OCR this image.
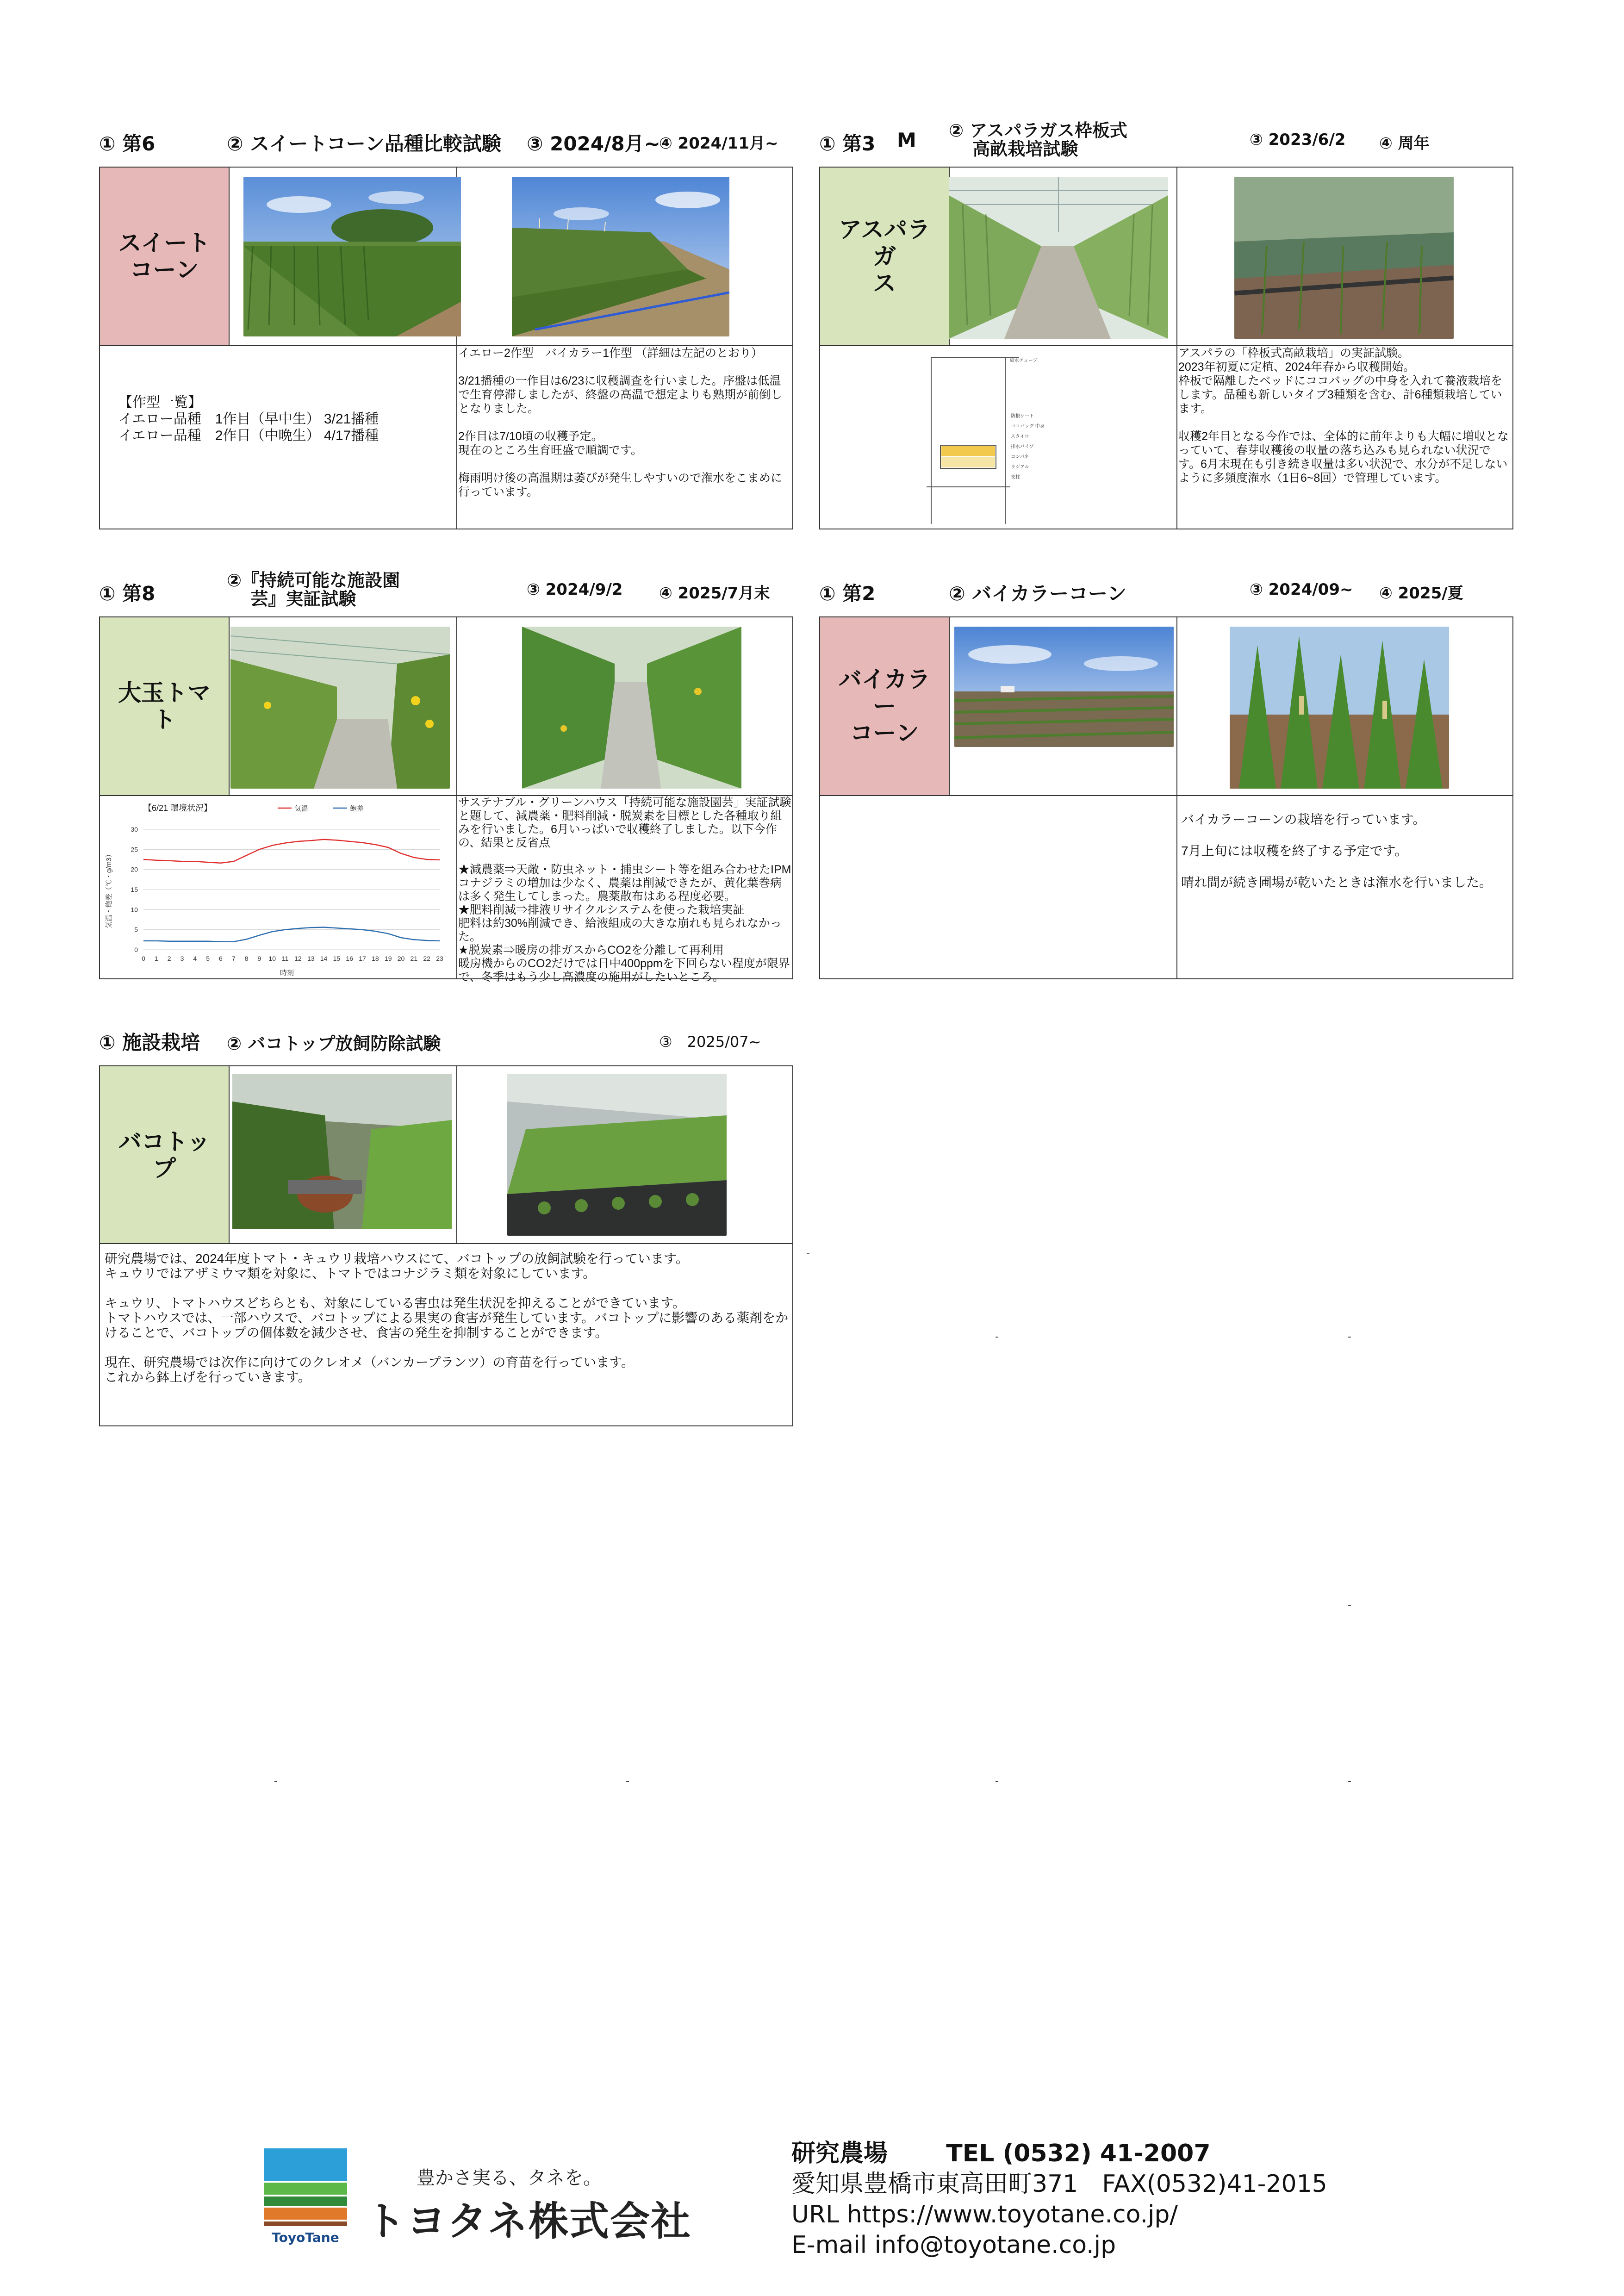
① 第6	② スイートコーン品種比較試験 ③ 2024/8月~
④ 2024/11月~
スイート
コーン
【作型一覧】
イエロー品種　1作目（早中生） 3/21播種
イエロー品種　2作目（中晩生） 4/17播種
イエロー2作型　バイカラー1作型 （詳細は左記のとおり）

3/21播種の一作目は6/23に収穫調査を行いました。序盤は低温で生育停滞しましたが、終盤の高温で想定よりも熟期が前倒しとなりました。

2作目は7/10頃の収穫予定。
現在のところ生育旺盛で順調です。

梅雨明け後の高温期は萎びが発生しやすいので潅水をこまめに行っています。
① 第3 M ② アスパラガス枠板式
　 高畝栽培試験	③ 2023/6/2 ④ 周年
アスパラガ
ス
給水チューブ
防根シート
ココバッグ 中身
スタイロ
排水パイプ
コンパネ
ラジアル
支柱
アスパラの「枠板式高畝栽培」の実証試験。
2023年初夏に定植、2024年春から収穫開始。
枠板で隔離したベッドにココバッグの中身を入れて養液栽培をします。品種も新しいタイプ3種類を含む、計6種類栽培しています。

収穫2年目となる今作では、全体的に前年よりも大幅に増収となっていて、春芽収穫後の収量の落ち込みも見られない状況です。6月末現在も引き続き収量は多い状況で、水分が不足しないように多頻度潅水（1日6~8回）で管理しています。
① 第8
②『持続可能な施設園
　 芸』実証試験	③ 2024/9/2 ④ 2025/7月末
大玉トマト
【6/21 環境状況】	気温	飽差
気温・飽差（℃・g/m3）
時刻
0
5
10
15
20
25
30
0 1 2 3 4 5 6 7 8 9 10 11 12 13 14 15 16 17 18 19 20 21 22 23
サステナブル・グリーンハウス「持続可能な施設園芸」実証試験と題して、減農薬・肥料削減・脱炭素を目標とした各種取り組みを行いました。6月いっぱいで収穫終了しました。以下今作の、結果と反省点

★減農薬⇒天敵・防虫ネット・捕虫シート等を組み合わせたIPM
コナジラミの増加は少なく、農薬は削減できたが、黄化葉巻病は多く発生してしまった。農薬散布はある程度必要。
★肥料削減⇒排液リサイクルシステムを使った栽培実証
肥料は約30%削減でき、給液組成の大きな崩れも見られなかった。
★脱炭素⇒暖房の排ガスからCO2を分離して再利用
暖房機からのCO2だけでは日中400ppmを下回らない程度が限界で、冬季はもう少し高濃度の施用がしたいところ。
① 第2	② バイカラーコーン	③ 2024/09~ ④ 2025/夏
バイカラー
コーン
バイカラーコーンの栽培を行っています。

7月上旬には収穫を終了する予定です。

晴れ間が続き圃場が乾いたときは潅水を行いました。
① 施設栽培 ② バコトップ放飼防除試験	③　2025/07~
バコトップ
研究農場では、2024年度トマト・キュウリ栽培ハウスにて、バコトップの放飼試験を行っています。
キュウリではアザミウマ類を対象に、トマトではコナジラミ類を対象にしています。

キュウリ、トマトハウスどちらとも、対象にしている害虫は発生状況を抑えることができています。
トマトハウスでは、一部ハウスで、バコトップによる果実の食害が発生しています。バコトップに影響のある薬剤をかけることで、バコトップの個体数を減少させ、食害の発生を抑制することができます。

現在、研究農場では次作に向けてのクレオメ（バンカープランツ）の育苗を行っています。
これから鉢上げを行っていきます。
-
-	-
-
-	-	-	-
ToyoTane
豊かさ実る、タネを。
トヨタネ株式会社
研究農場 TEL (0532) 41-2007
愛知県豊橋市東高田町371　FAX(0532)41-2015
URL https://www.toyotane.co.jp/
E-mail info@toyotane.co.jp
